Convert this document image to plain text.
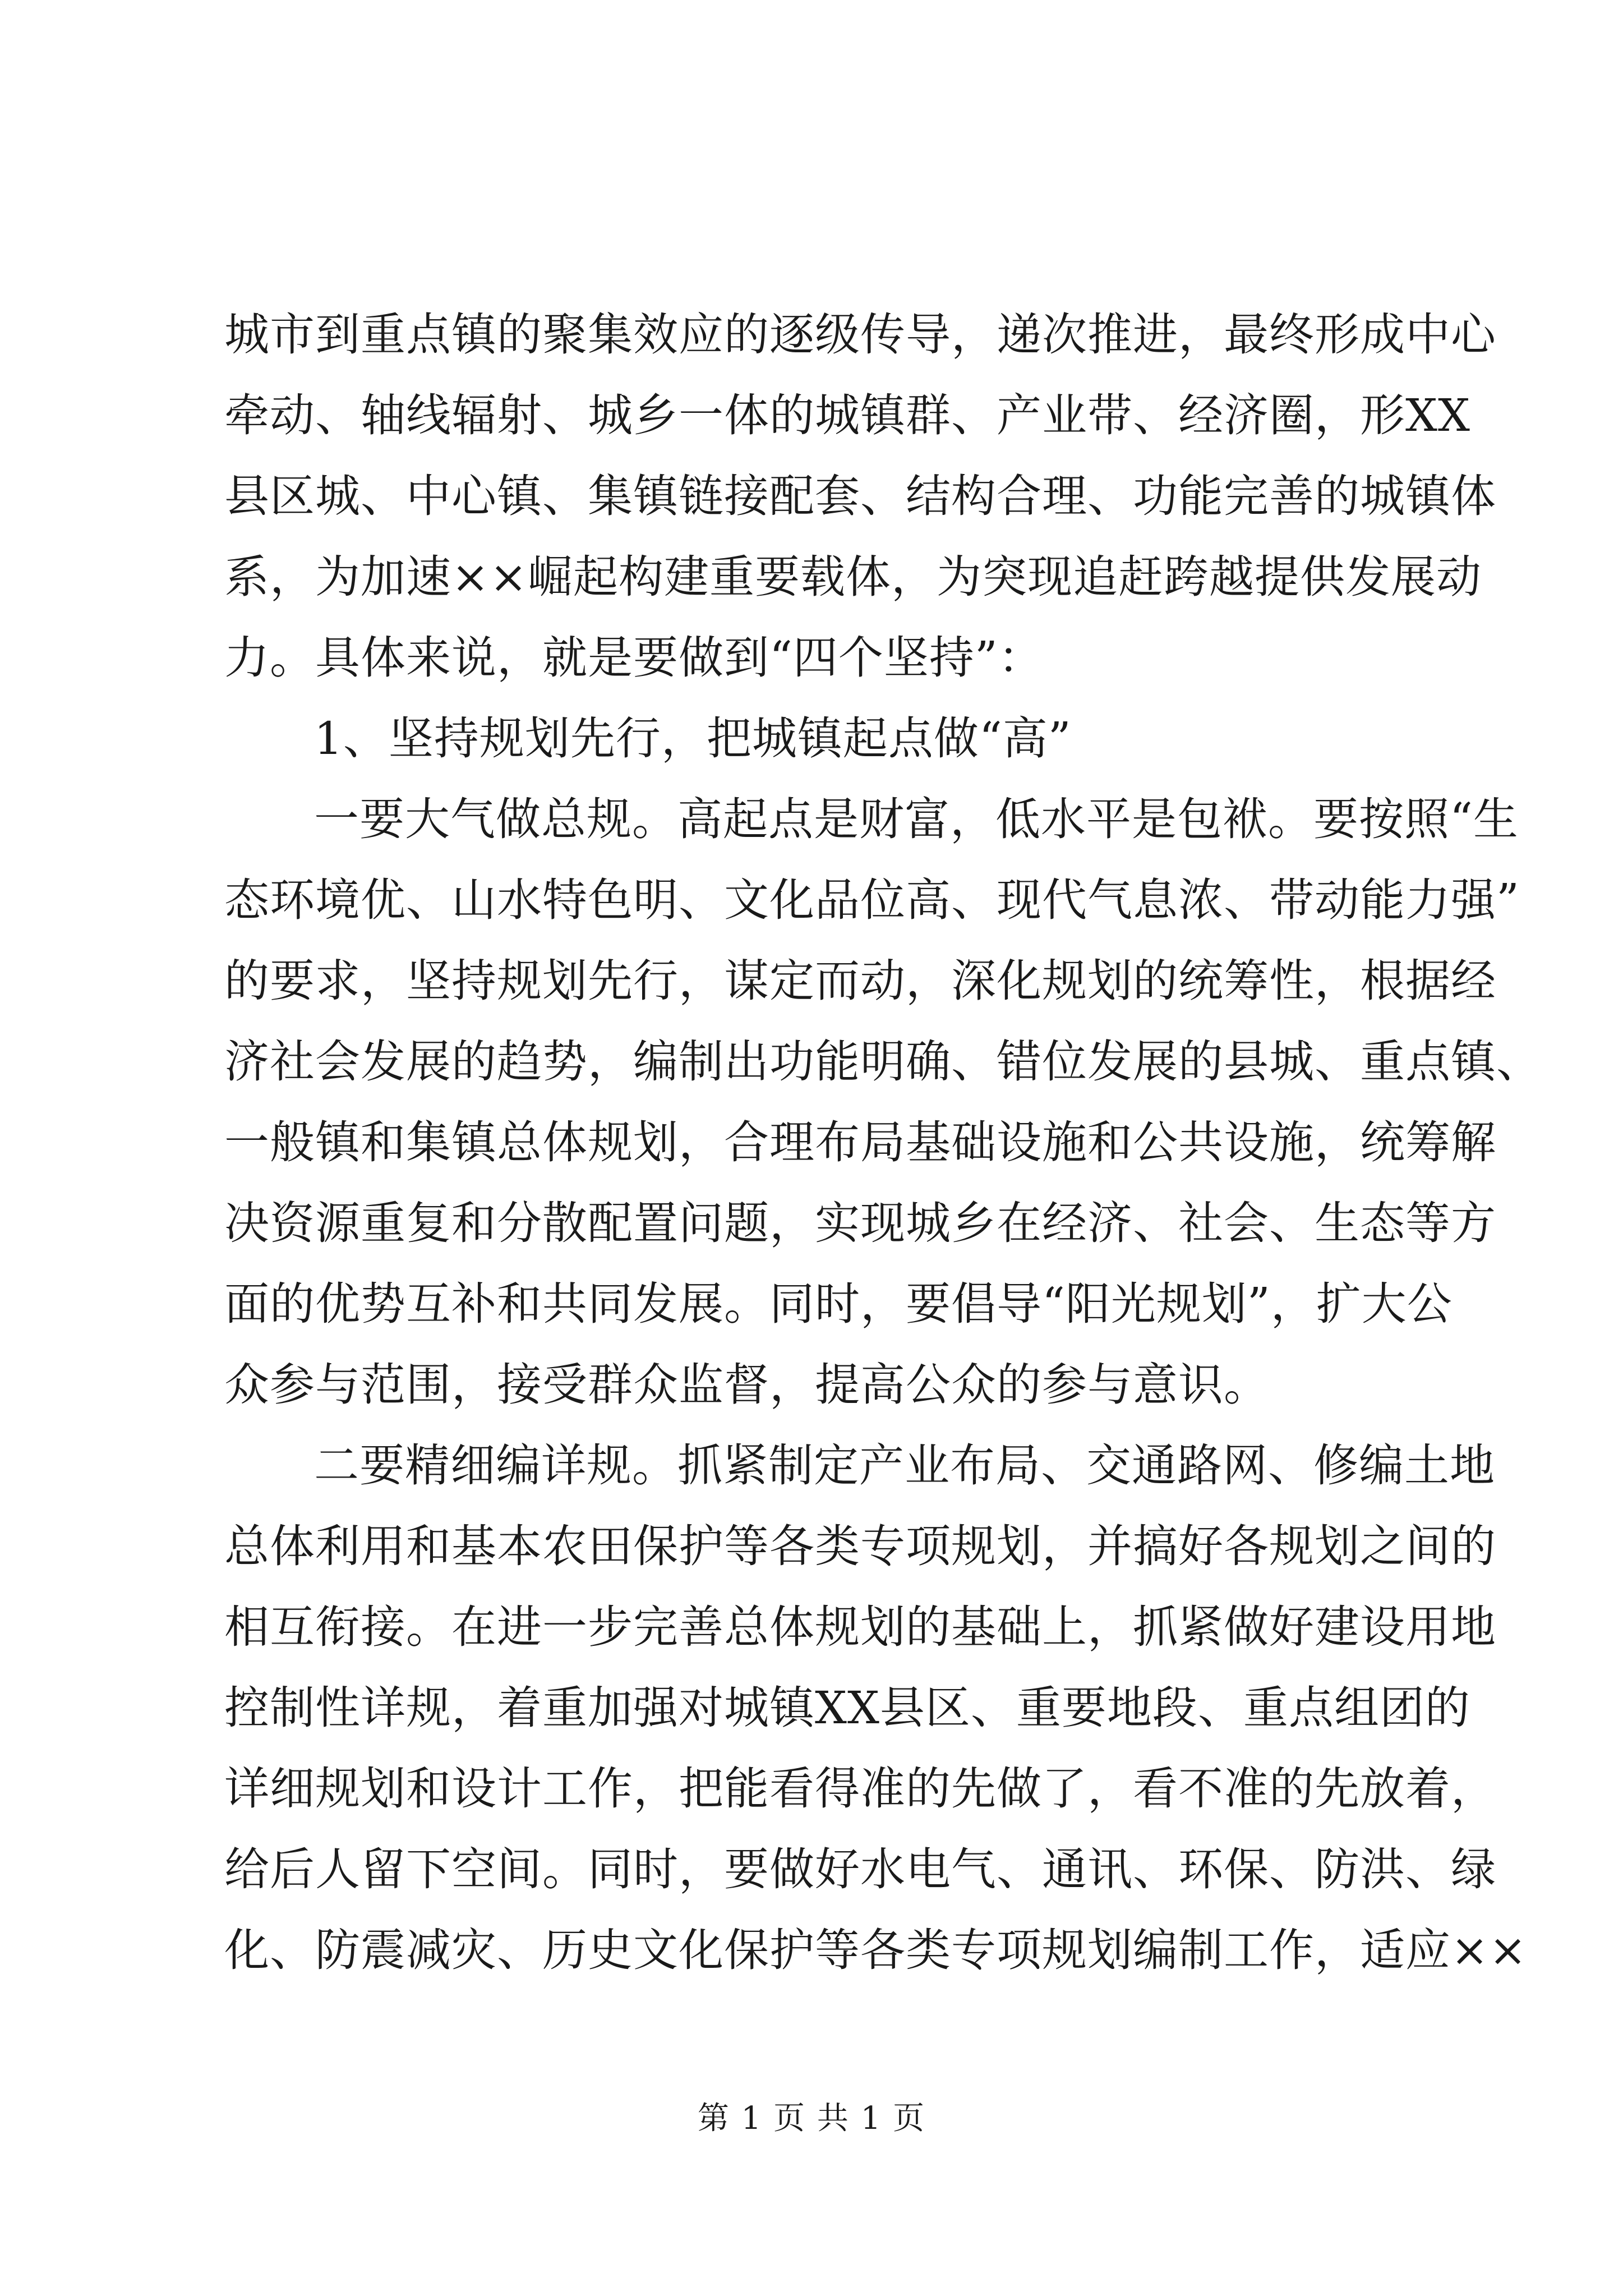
城市到重点镇的聚集效应的逐级传导，递次推进，最终形成中心
牵动、轴线辐射、城乡一体的城镇群、产业带、经济圈，形XX
县区城、中心镇、集镇链接配套、结构合理、功能完善的城镇体
系，为加速××崛起构建重要载体，为突现追赶跨越提供发展动
力。具体来说，就是要做到“四个坚持”：
1、坚持规划先行，把城镇起点做“高”
一要大气做总规。高起点是财富，低水平是包袱。要按照“生
态环境优、山水特色明、文化品位高、现代气息浓、带动能力强”
的要求，坚持规划先行，谋定而动，深化规划的统筹性，根据经
济社会发展的趋势，编制出功能明确、错位发展的县城、重点镇、
一般镇和集镇总体规划，合理布局基础设施和公共设施，统筹解
决资源重复和分散配置问题，实现城乡在经济、社会、生态等方
面的优势互补和共同发展。同时，要倡导“阳光规划”，扩大公
众参与范围，接受群众监督，提高公众的参与意识。
二要精细编详规。抓紧制定产业布局、交通路网、修编土地
总体利用和基本农田保护等各类专项规划，并搞好各规划之间的
相互衔接。在进一步完善总体规划的基础上，抓紧做好建设用地
控制性详规，着重加强对城镇XX县区、重要地段、重点组团的
详细规划和设计工作，把能看得准的先做了，看不准的先放着，
给后人留下空间。同时，要做好水电气、通讯、环保、防洪、绿
化、防震减灾、历史文化保护等各类专项规划编制工作，适应××
第 1 页 共 1 页
